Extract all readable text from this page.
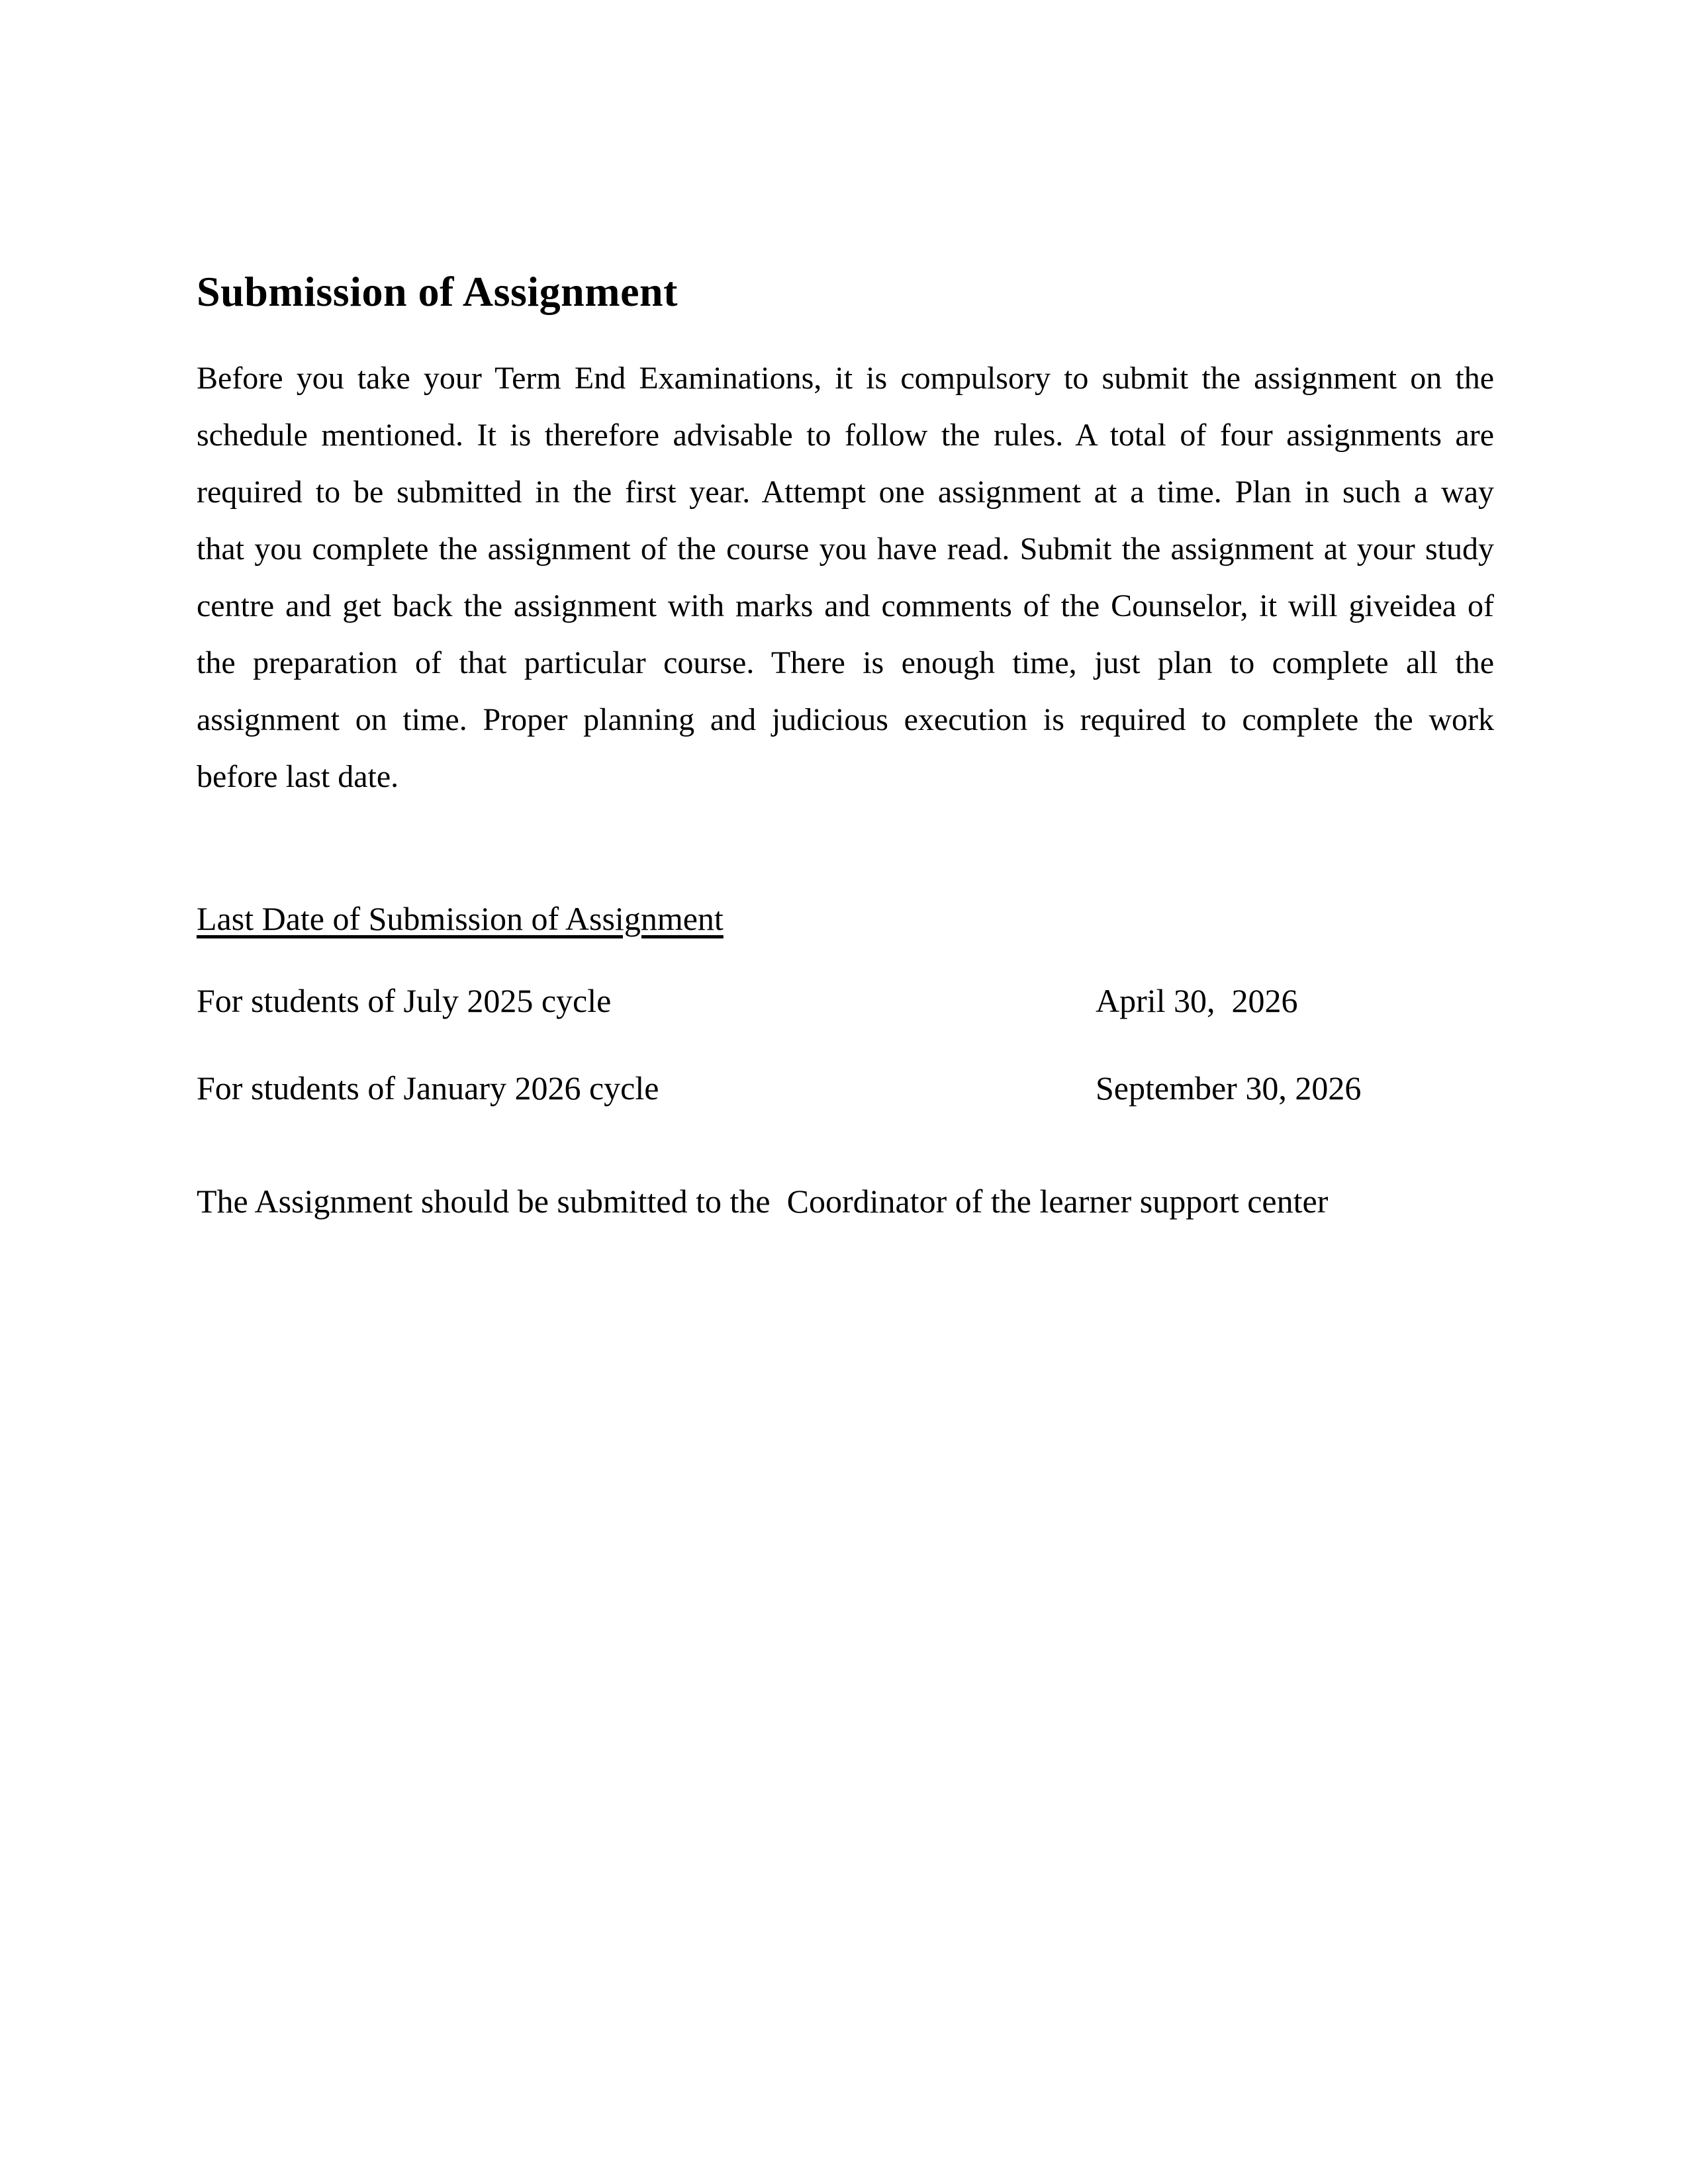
Submission of Assignment
Before you take your Term End Examinations, it is compulsory to submit the assignment on the
schedule mentioned. It is therefore advisable to follow the rules. A total of four assignments are
required to be submitted in the first year. Attempt one assignment at a time. Plan in such a way
that you complete the assignment of the course you have read. Submit the assignment at your study
centre and get back the assignment with marks and comments of the Counselor, it will giveidea of
the preparation of that particular course. There is enough time, just plan to complete all the
assignment on time. Proper planning and judicious execution is required to complete the work
before last date.
Last Date of Submission of Assignment
For students of July 2025 cycle	April 30,  2026
For students of January 2026 cycle	September 30, 2026
The Assignment should be submitted to the  Coordinator of the learner support center
